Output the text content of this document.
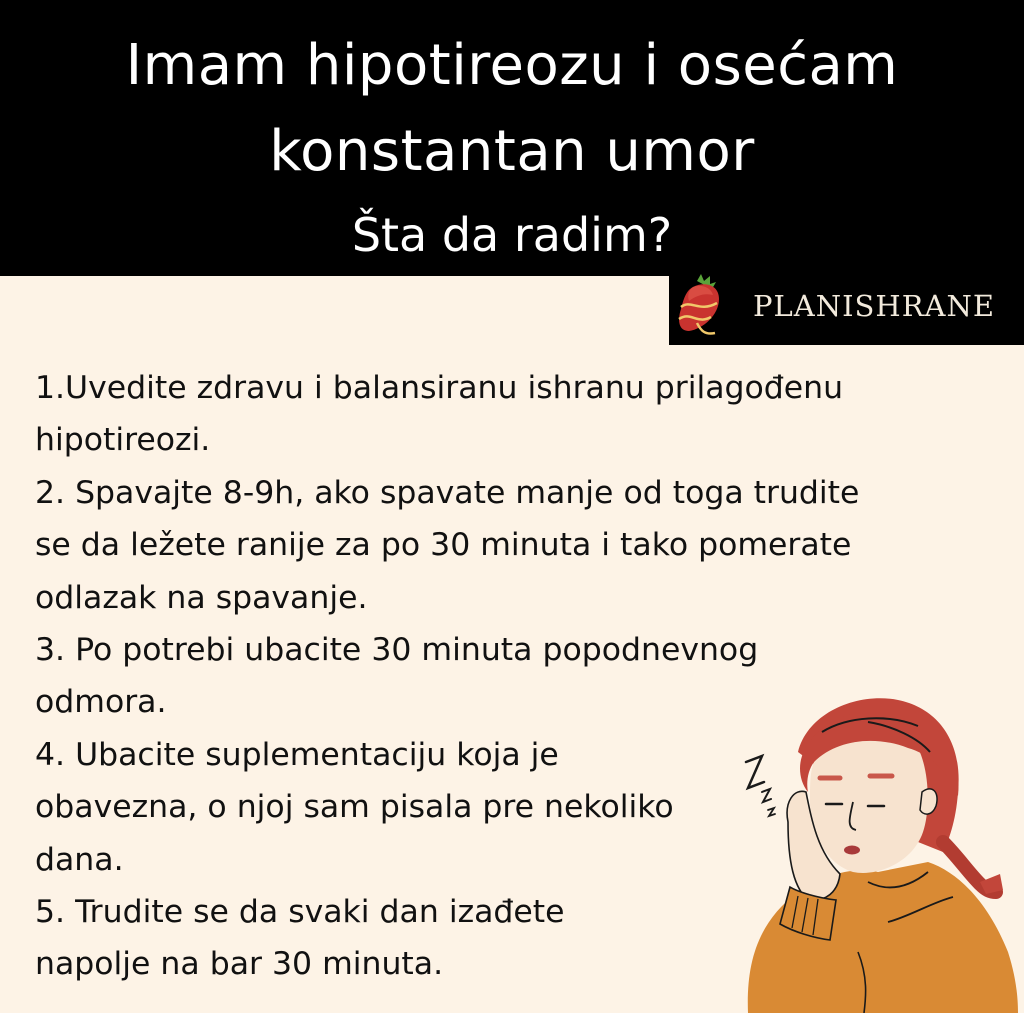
Imam hipotireozu i osećam
konstantan umor
Šta da radim?
PLANISHRANE
1.Uvedite zdravu i balansiranu ishranu prilagođenu
hipotireozi.
2. Spavajte 8-9h, ako spavate manje od toga trudite
se da ležete ranije za po 30 minuta i tako pomerate
odlazak na spavanje.
3. Po potrebi ubacite 30 minuta popodnevnog
odmora.
4. Ubacite suplementaciju koja je
obavezna, o njoj sam pisala pre nekoliko
dana.
5. Trudite se da svaki dan izađete
napolje na bar 30 minuta.
